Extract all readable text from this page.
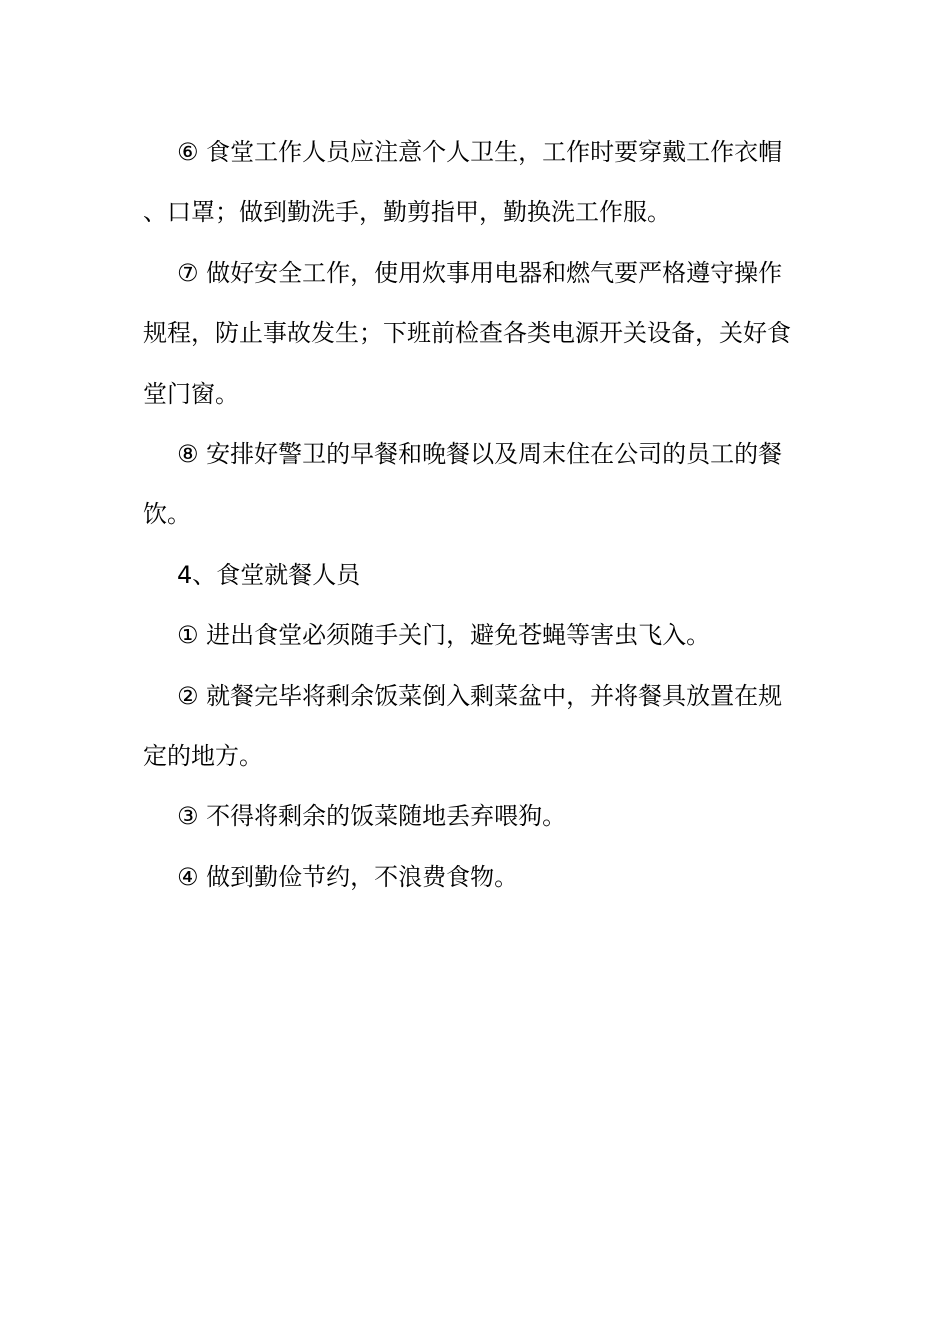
⑥ 食堂工作人员应注意个人卫生，工作时要穿戴工作衣帽、口罩；做到勤洗手，勤剪指甲，勤换洗工作服。

⑦ 做好安全工作，使用炊事用电器和燃气要严格遵守操作规程，防止事故发生；下班前检查各类电源开关设备，关好食堂门窗。

⑧ 安排好警卫的早餐和晚餐以及周末住在公司的员工的餐饮。

4、食堂就餐人员

① 进出食堂必须随手关门，避免苍蝇等害虫飞入。

② 就餐完毕将剩余饭菜倒入剩菜盆中，并将餐具放置在规定的地方。

③ 不得将剩余的饭菜随地丢弃喂狗。

④ 做到勤俭节约，不浪费食物。
